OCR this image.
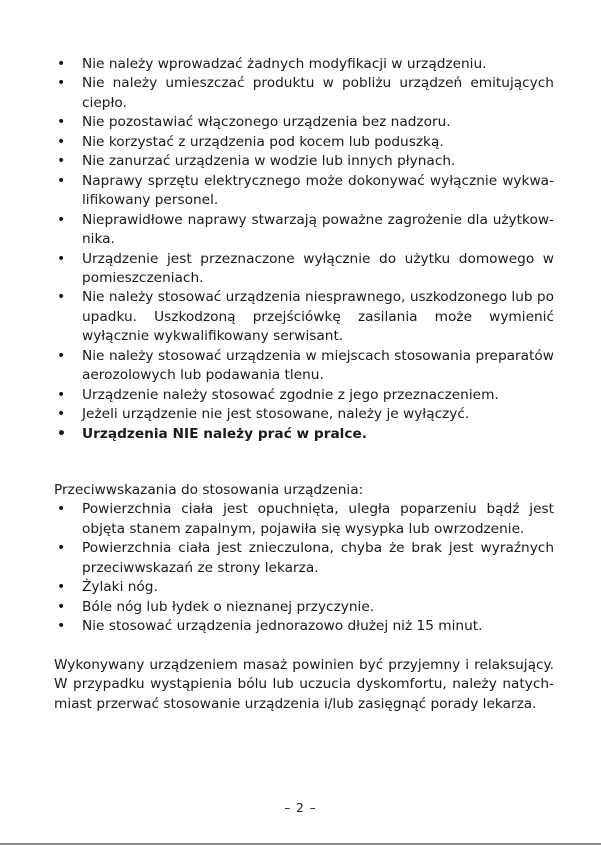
• Nie należy wprowadzać żadnych modyfikacji w urządzeniu.
• Nie należy umieszczać produktu w pobliżu urządzeń emitujących ciepło.
• Nie pozostawiać włączonego urządzenia bez nadzoru.
• Nie korzystać z urządzenia pod kocem lub poduszką.
• Nie zanurzać urządzenia w wodzie lub innych płynach.
• Naprawy sprzętu elektrycznego może dokonywać wyłącznie wykwalifikowany personel.
• Nieprawidłowe naprawy stwarzają poważne zagrożenie dla użytkownika.
• Urządzenie jest przeznaczone wyłącznie do użytku domowego w pomieszczeniach.
• Nie należy stosować urządzenia niesprawnego, uszkodzonego lub po upadku. Uszkodzoną przejściówkę zasilania może wymienić wyłącznie wykwalifikowany serwisant.
• Nie należy stosować urządzenia w miejscach stosowania preparatów aerozolowych lub podawania tlenu.
• Urządzenie należy stosować zgodnie z jego przeznaczeniem.
• Jeżeli urządzenie nie jest stosowane, należy je wyłączyć.
• Urządzenia NIE należy prać w pralce.

Przeciwwskazania do stosowania urządzenia:

• Powierzchnia ciała jest opuchnięta, uległa poparzeniu bądź jest objęta stanem zapalnym, pojawiła się wysypka lub owrzodzenie.
• Powierzchnia ciała jest znieczulona, chyba że brak jest wyraźnych przeciwwskazań ze strony lekarza.
• Żylaki nóg.
• Bóle nóg lub łydek o nieznanej przyczynie.
• Nie stosować urządzenia jednorazowo dłużej niż 15 minut.

Wykonywany urządzeniem masaż powinien być przyjemny i relaksujący. W przypadku wystąpienia bólu lub uczucia dyskomfortu, należy natychmiast przerwać stosowanie urządzenia i/lub zasięgnąć porady lekarza.

– 2 –
